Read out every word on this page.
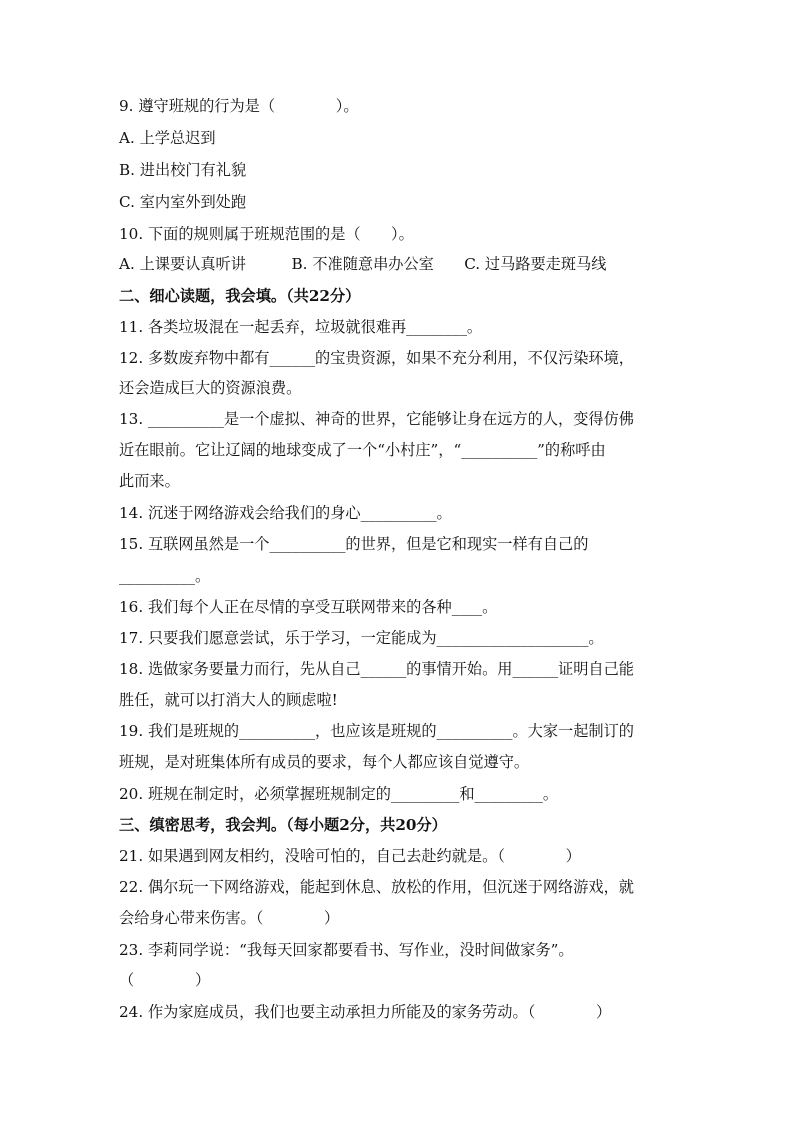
9. 遵守班规的行为是（　　　　）。
A. 上学总迟到
B. 进出校门有礼貌
C. 室内室外到处跑
10. 下面的规则属于班规范围的是（　　）。
A. 上课要认真听讲　　　B. 不准随意串办公室　　C. 过马路要走斑马线
二、细心读题，我会填。（共22分）
11. 各类垃圾混在一起丢弃，垃圾就很难再________。
12. 多数废弃物中都有______的宝贵资源，如果不充分利用，不仅污染环境，
还会造成巨大的资源浪费。
13. __________是一个虚拟、神奇的世界，它能够让身在远方的人，变得仿佛
近在眼前。它让辽阔的地球变成了一个“小村庄”，“__________”的称呼由
此而来。
14. 沉迷于网络游戏会给我们的身心__________。
15. 互联网虽然是一个__________的世界，但是它和现实一样有自己的
__________。
16. 我们每个人正在尽情的享受互联网带来的各种____。
17. 只要我们愿意尝试，乐于学习，一定能成为____________________。
18. 选做家务要量力而行，先从自己______的事情开始。用______证明自己能
胜任，就可以打消大人的顾虑啦!
19. 我们是班规的__________，也应该是班规的__________。大家一起制订的
班规，是对班集体所有成员的要求，每个人都应该自觉遵守。
20. 班规在制定时，必须掌握班规制定的_________和_________。
三、缜密思考，我会判。（每小题2分，共20分）
21. 如果遇到网友相约，没啥可怕的，自己去赴约就是。（　　　　）
22. 偶尔玩一下网络游戏，能起到休息、放松的作用，但沉迷于网络游戏，就
会给身心带来伤害。（　　　　）
23. 李莉同学说：“我每天回家都要看书、写作业，没时间做家务”。
（　　　　）
24. 作为家庭成员，我们也要主动承担力所能及的家务劳动。（　　　　）
